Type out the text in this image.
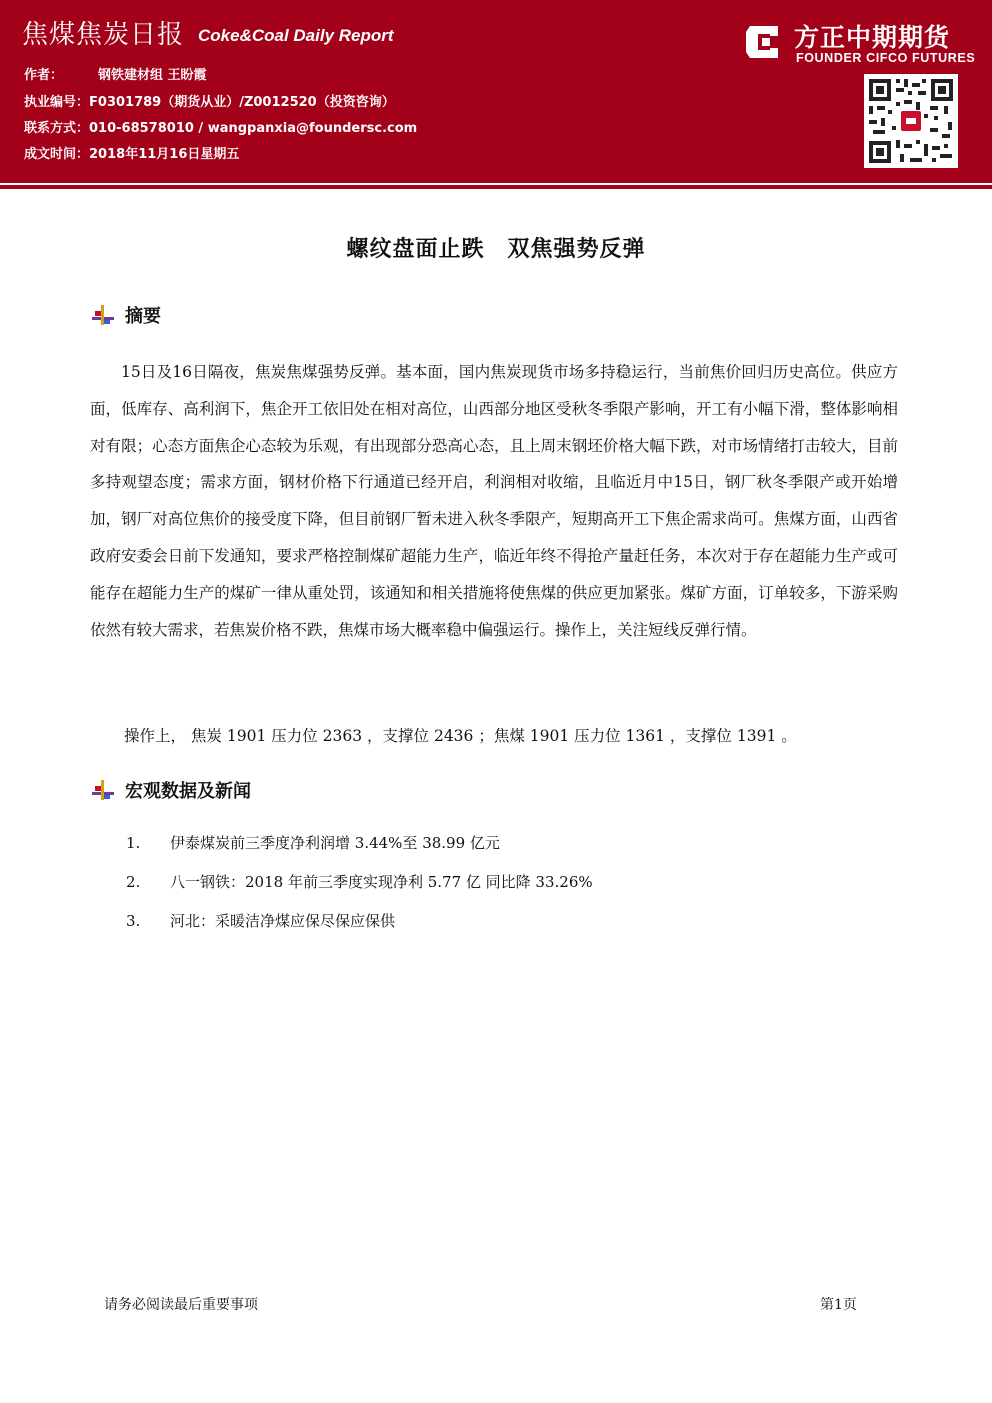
焦煤焦炭日报 Coke&Coal Daily Report
作者：	钢铁建材组 王盼霞
执业编号：F0301789（期货从业）/Z0012520（投资咨询）
联系方式：010-68578010 / wangpanxia@foundersc.com
成文时间：2018年11月16日星期五
方正中期期货
FOUNDER CIFCO FUTURES
螺纹盘面止跌　双焦强势反弹
摘要

15日及16日隔夜，焦炭焦煤强势反弹。基本面，国内焦炭现货市场多持稳运行，当前焦价回归历史高位。供应方面，低库存、高利润下，焦企开工依旧处在相对高位，山西部分地区受秋冬季限产影响，开工有小幅下滑，整体影响相对有限；心态方面焦企心态较为乐观，有出现部分恐高心态，且上周末钢坯价格大幅下跌，对市场情绪打击较大，目前多持观望态度；需求方面，钢材价格下行通道已经开启，利润相对收缩，且临近月中15日，钢厂秋冬季限产或开始增加，钢厂对高位焦价的接受度下降，但目前钢厂暂未进入秋冬季限产，短期高开工下焦企需求尚可。焦煤方面，山西省政府安委会日前下发通知，要求严格控制煤矿超能力生产，临近年终不得抢产量赶任务，本次对于存在超能力生产或可能存在超能力生产的煤矿一律从重处罚，该通知和相关措施将使焦煤的供应更加紧张。煤矿方面，订单较多，下游采购依然有较大需求，若焦炭价格不跌，焦煤市场大概率稳中偏强运行。操作上，关注短线反弹行情。

操作上， 焦炭 1901 压力位 2363 ，支撑位 2436 ；焦煤 1901 压力位 1361 ，支撑位 1391 。
宏观数据及新闻
1. 伊泰煤炭前三季度净利润增 3.44%至 38.99 亿元
2. 八一钢铁：2018 年前三季度实现净利 5.77 亿 同比降 33.26%
3. 河北：采暖洁净煤应保尽保应保供
请务必阅读最后重要事项	第1页
